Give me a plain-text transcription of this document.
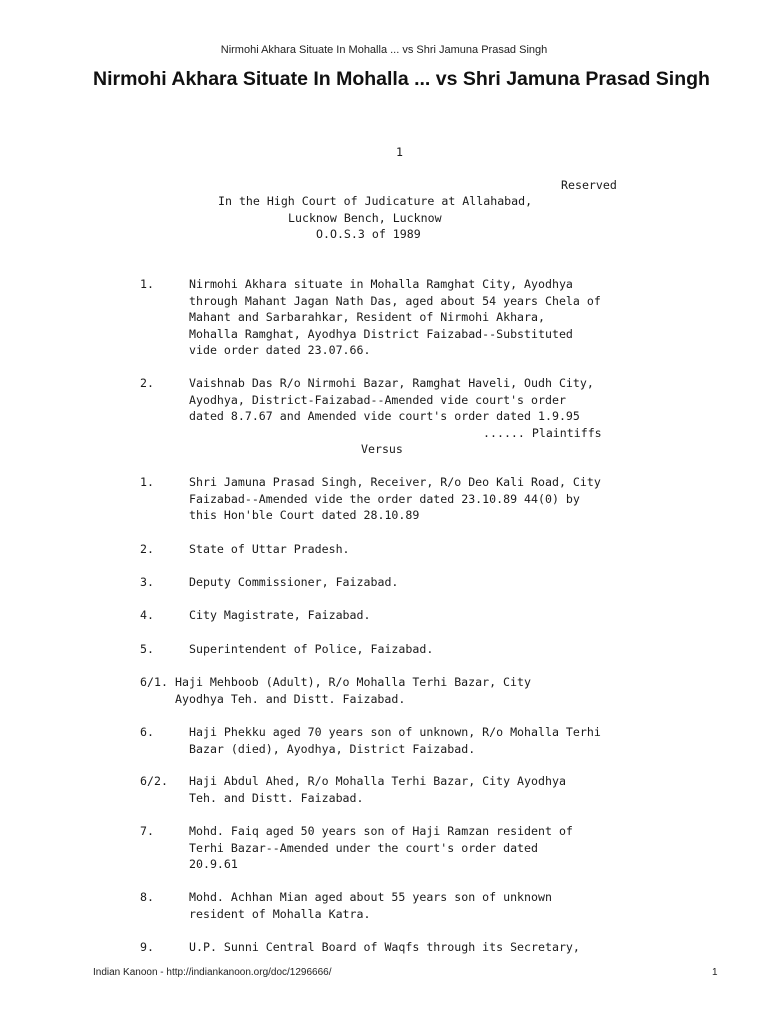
Nirmohi Akhara Situate In Mohalla ... vs Shri Jamuna Prasad Singh
Nirmohi Akhara Situate In Mohalla ... vs Shri Jamuna Prasad Singh
1
Reserved
In the High Court of Judicature at Allahabad,
Lucknow Bench, Lucknow
O.O.S.3 of 1989
1.	Nirmohi Akhara situate in Mohalla Ramghat City, Ayodhya
through Mahant Jagan Nath Das, aged about 54 years Chela of
Mahant and Sarbarahkar, Resident of Nirmohi Akhara,
Mohalla Ramghat, Ayodhya District Faizabad--Substituted
vide order dated 23.07.66.
2.	Vaishnab Das R/o Nirmohi Bazar, Ramghat Haveli, Oudh City,
Ayodhya, District-Faizabad--Amended vide court's order
dated 8.7.67 and Amended vide court's order dated 1.9.95
...... Plaintiffs
Versus
1.	Shri Jamuna Prasad Singh, Receiver, R/o Deo Kali Road, City
Faizabad--Amended vide the order dated 23.10.89 44(0) by
this Hon'ble Court dated 28.10.89
2.	State of Uttar Pradesh.
3.	Deputy Commissioner, Faizabad.
4.	City Magistrate, Faizabad.
5.	Superintendent of Police, Faizabad.
6/1. Haji Mehboob (Adult), R/o Mohalla Terhi Bazar, City
Ayodhya Teh. and Distt. Faizabad.
6.	Haji Phekku aged 70 years son of unknown, R/o Mohalla Terhi
Bazar (died), Ayodhya, District Faizabad.
6/2. Haji Abdul Ahed, R/o Mohalla Terhi Bazar, City Ayodhya
Teh. and Distt. Faizabad.
7.	Mohd. Faiq aged 50 years son of Haji Ramzan resident of
Terhi Bazar--Amended under the court's order dated
20.9.61
8.	Mohd. Achhan Mian aged about 55 years son of unknown
resident of Mohalla Katra.
9.	U.P. Sunni Central Board of Waqfs through its Secretary,
Indian Kanoon - http://indiankanoon.org/doc/1296666/	1
